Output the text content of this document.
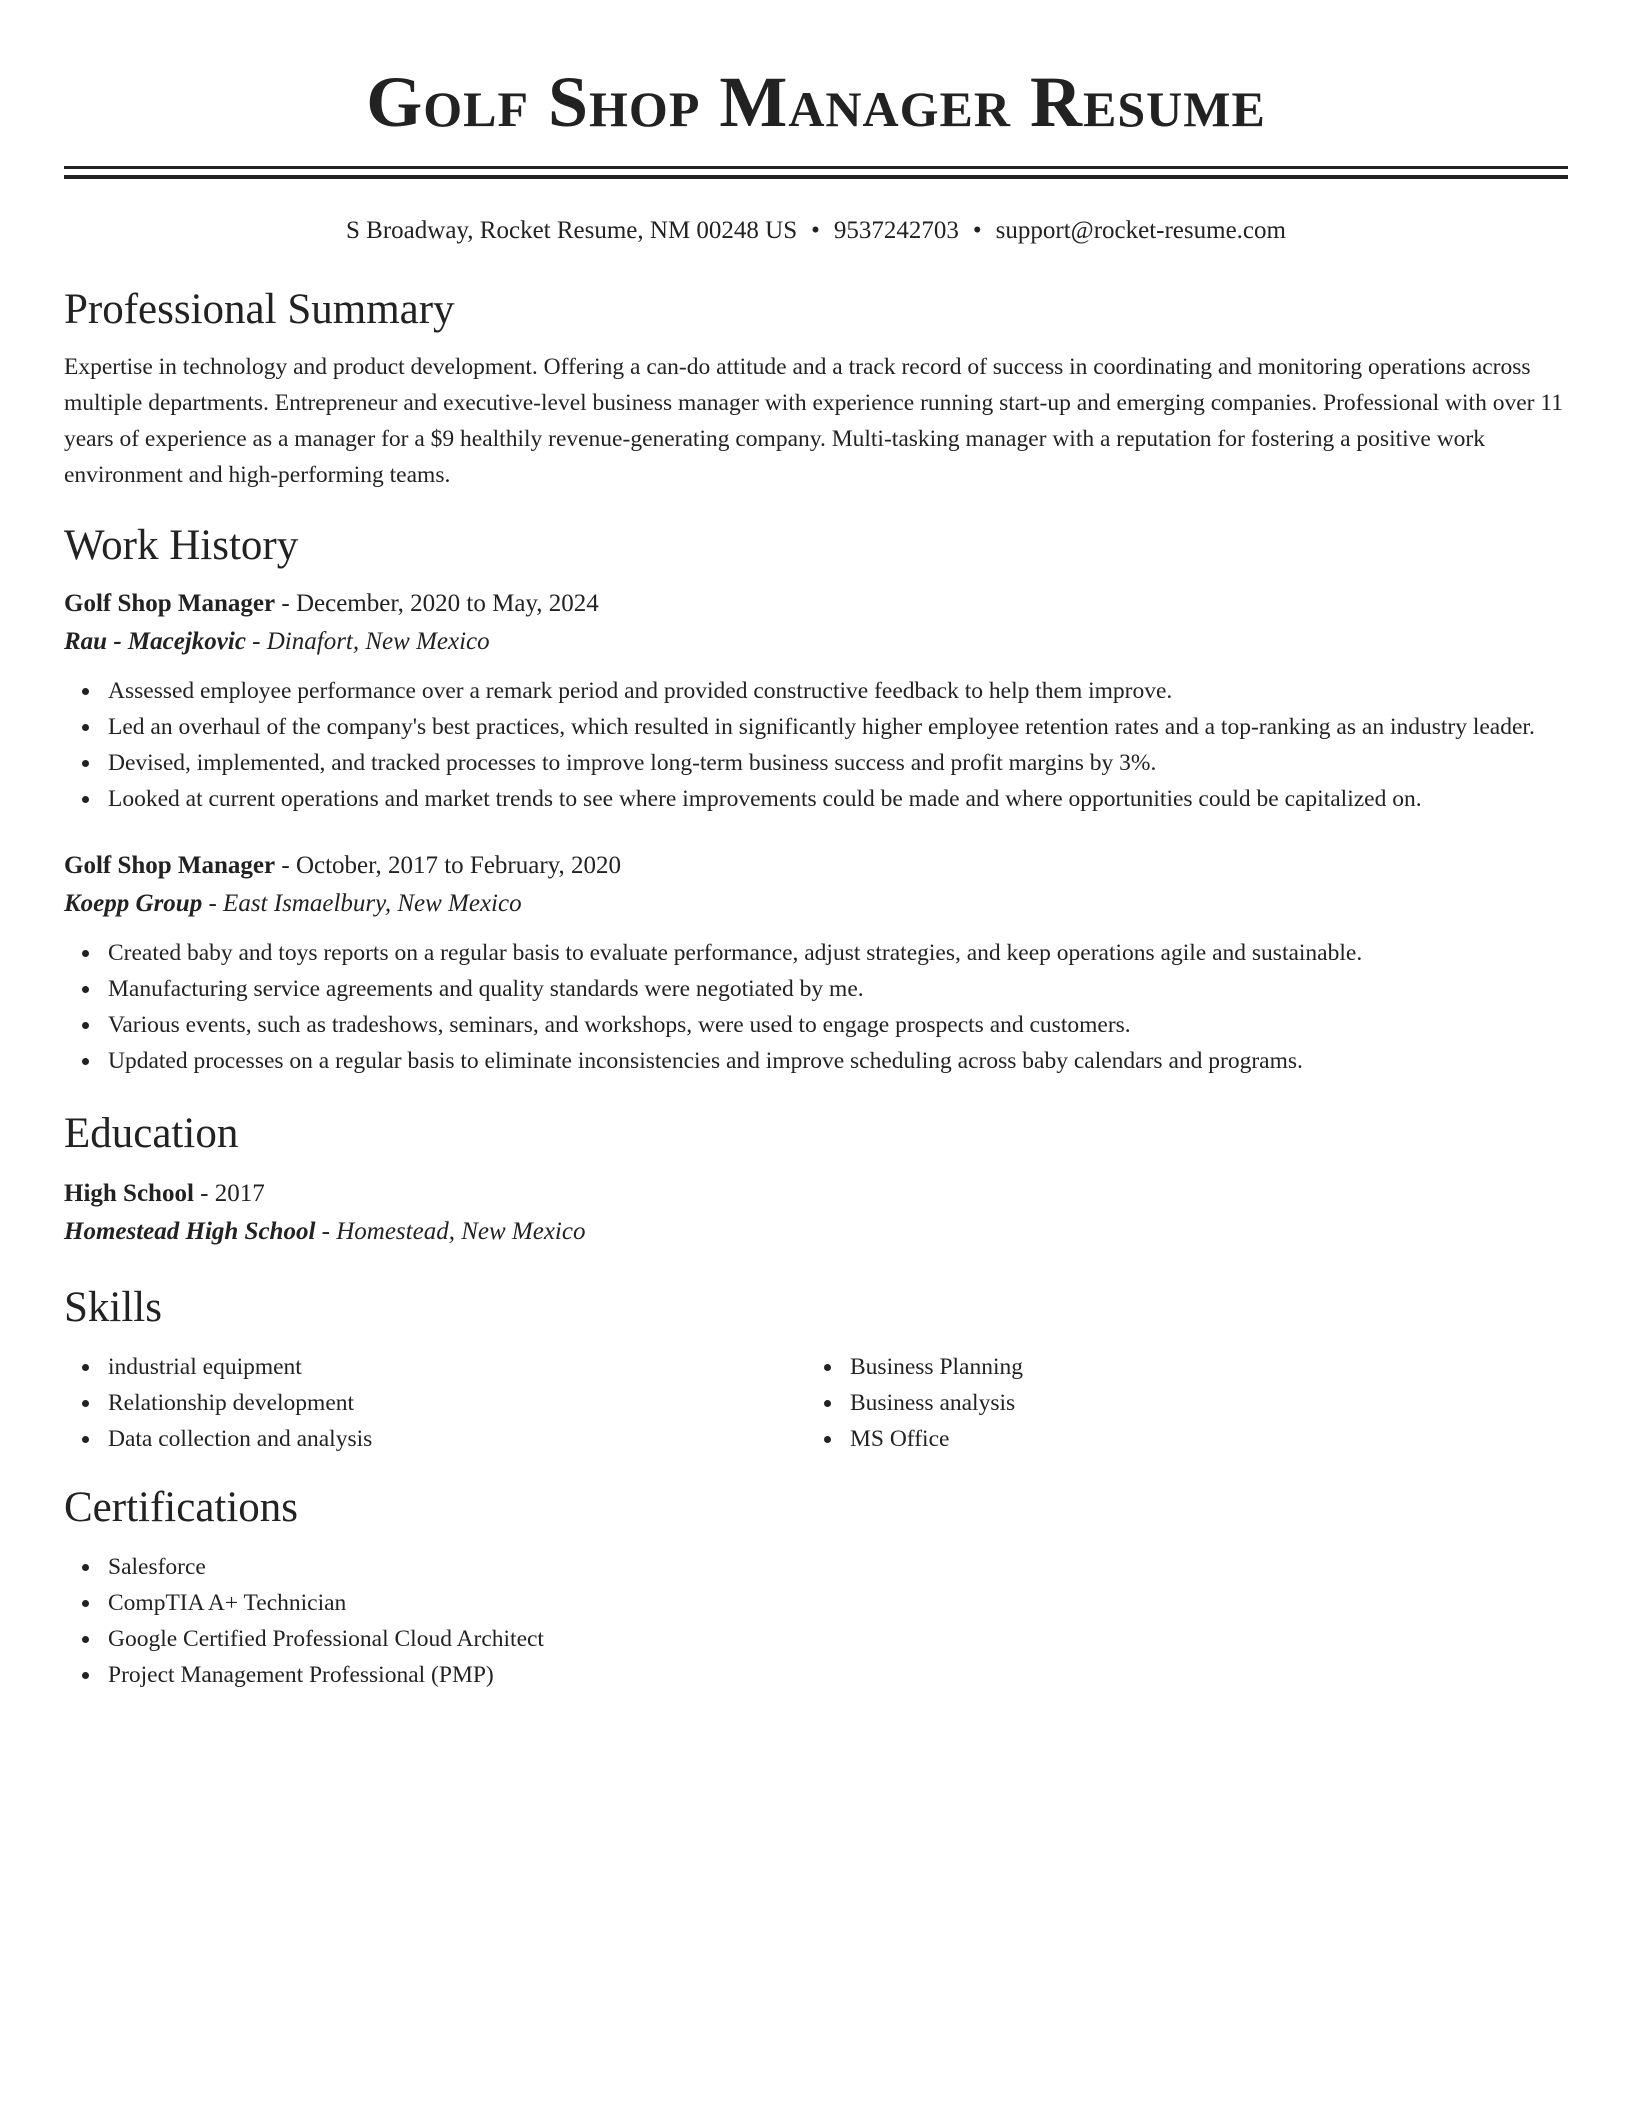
Golf Shop Manager Resume
S Broadway, Rocket Resume, NM 00248 US • 9537242703 • support@rocket-resume.com
Professional Summary
Expertise in technology and product development. Offering a can-do attitude and a track record of success in coordinating and monitoring operations across multiple departments. Entrepreneur and executive-level business manager with experience running start-up and emerging companies. Professional with over 11 years of experience as a manager for a $9 healthily revenue-generating company. Multi-tasking manager with a reputation for fostering a positive work environment and high-performing teams.
Work History
Golf Shop Manager - December, 2020 to May, 2024
Rau - Macejkovic - Dinafort, New Mexico
Assessed employee performance over a remark period and provided constructive feedback to help them improve.
Led an overhaul of the company's best practices, which resulted in significantly higher employee retention rates and a top-ranking as an industry leader.
Devised, implemented, and tracked processes to improve long-term business success and profit margins by 3%.
Looked at current operations and market trends to see where improvements could be made and where opportunities could be capitalized on.
Golf Shop Manager - October, 2017 to February, 2020
Koepp Group - East Ismaelbury, New Mexico
Created baby and toys reports on a regular basis to evaluate performance, adjust strategies, and keep operations agile and sustainable.
Manufacturing service agreements and quality standards were negotiated by me.
Various events, such as tradeshows, seminars, and workshops, were used to engage prospects and customers.
Updated processes on a regular basis to eliminate inconsistencies and improve scheduling across baby calendars and programs.
Education
High School - 2017
Homestead High School - Homestead, New Mexico
Skills
industrial equipment
Relationship development
Data collection and analysis
Business Planning
Business analysis
MS Office
Certifications
Salesforce
CompTIA A+ Technician
Google Certified Professional Cloud Architect
Project Management Professional (PMP)
